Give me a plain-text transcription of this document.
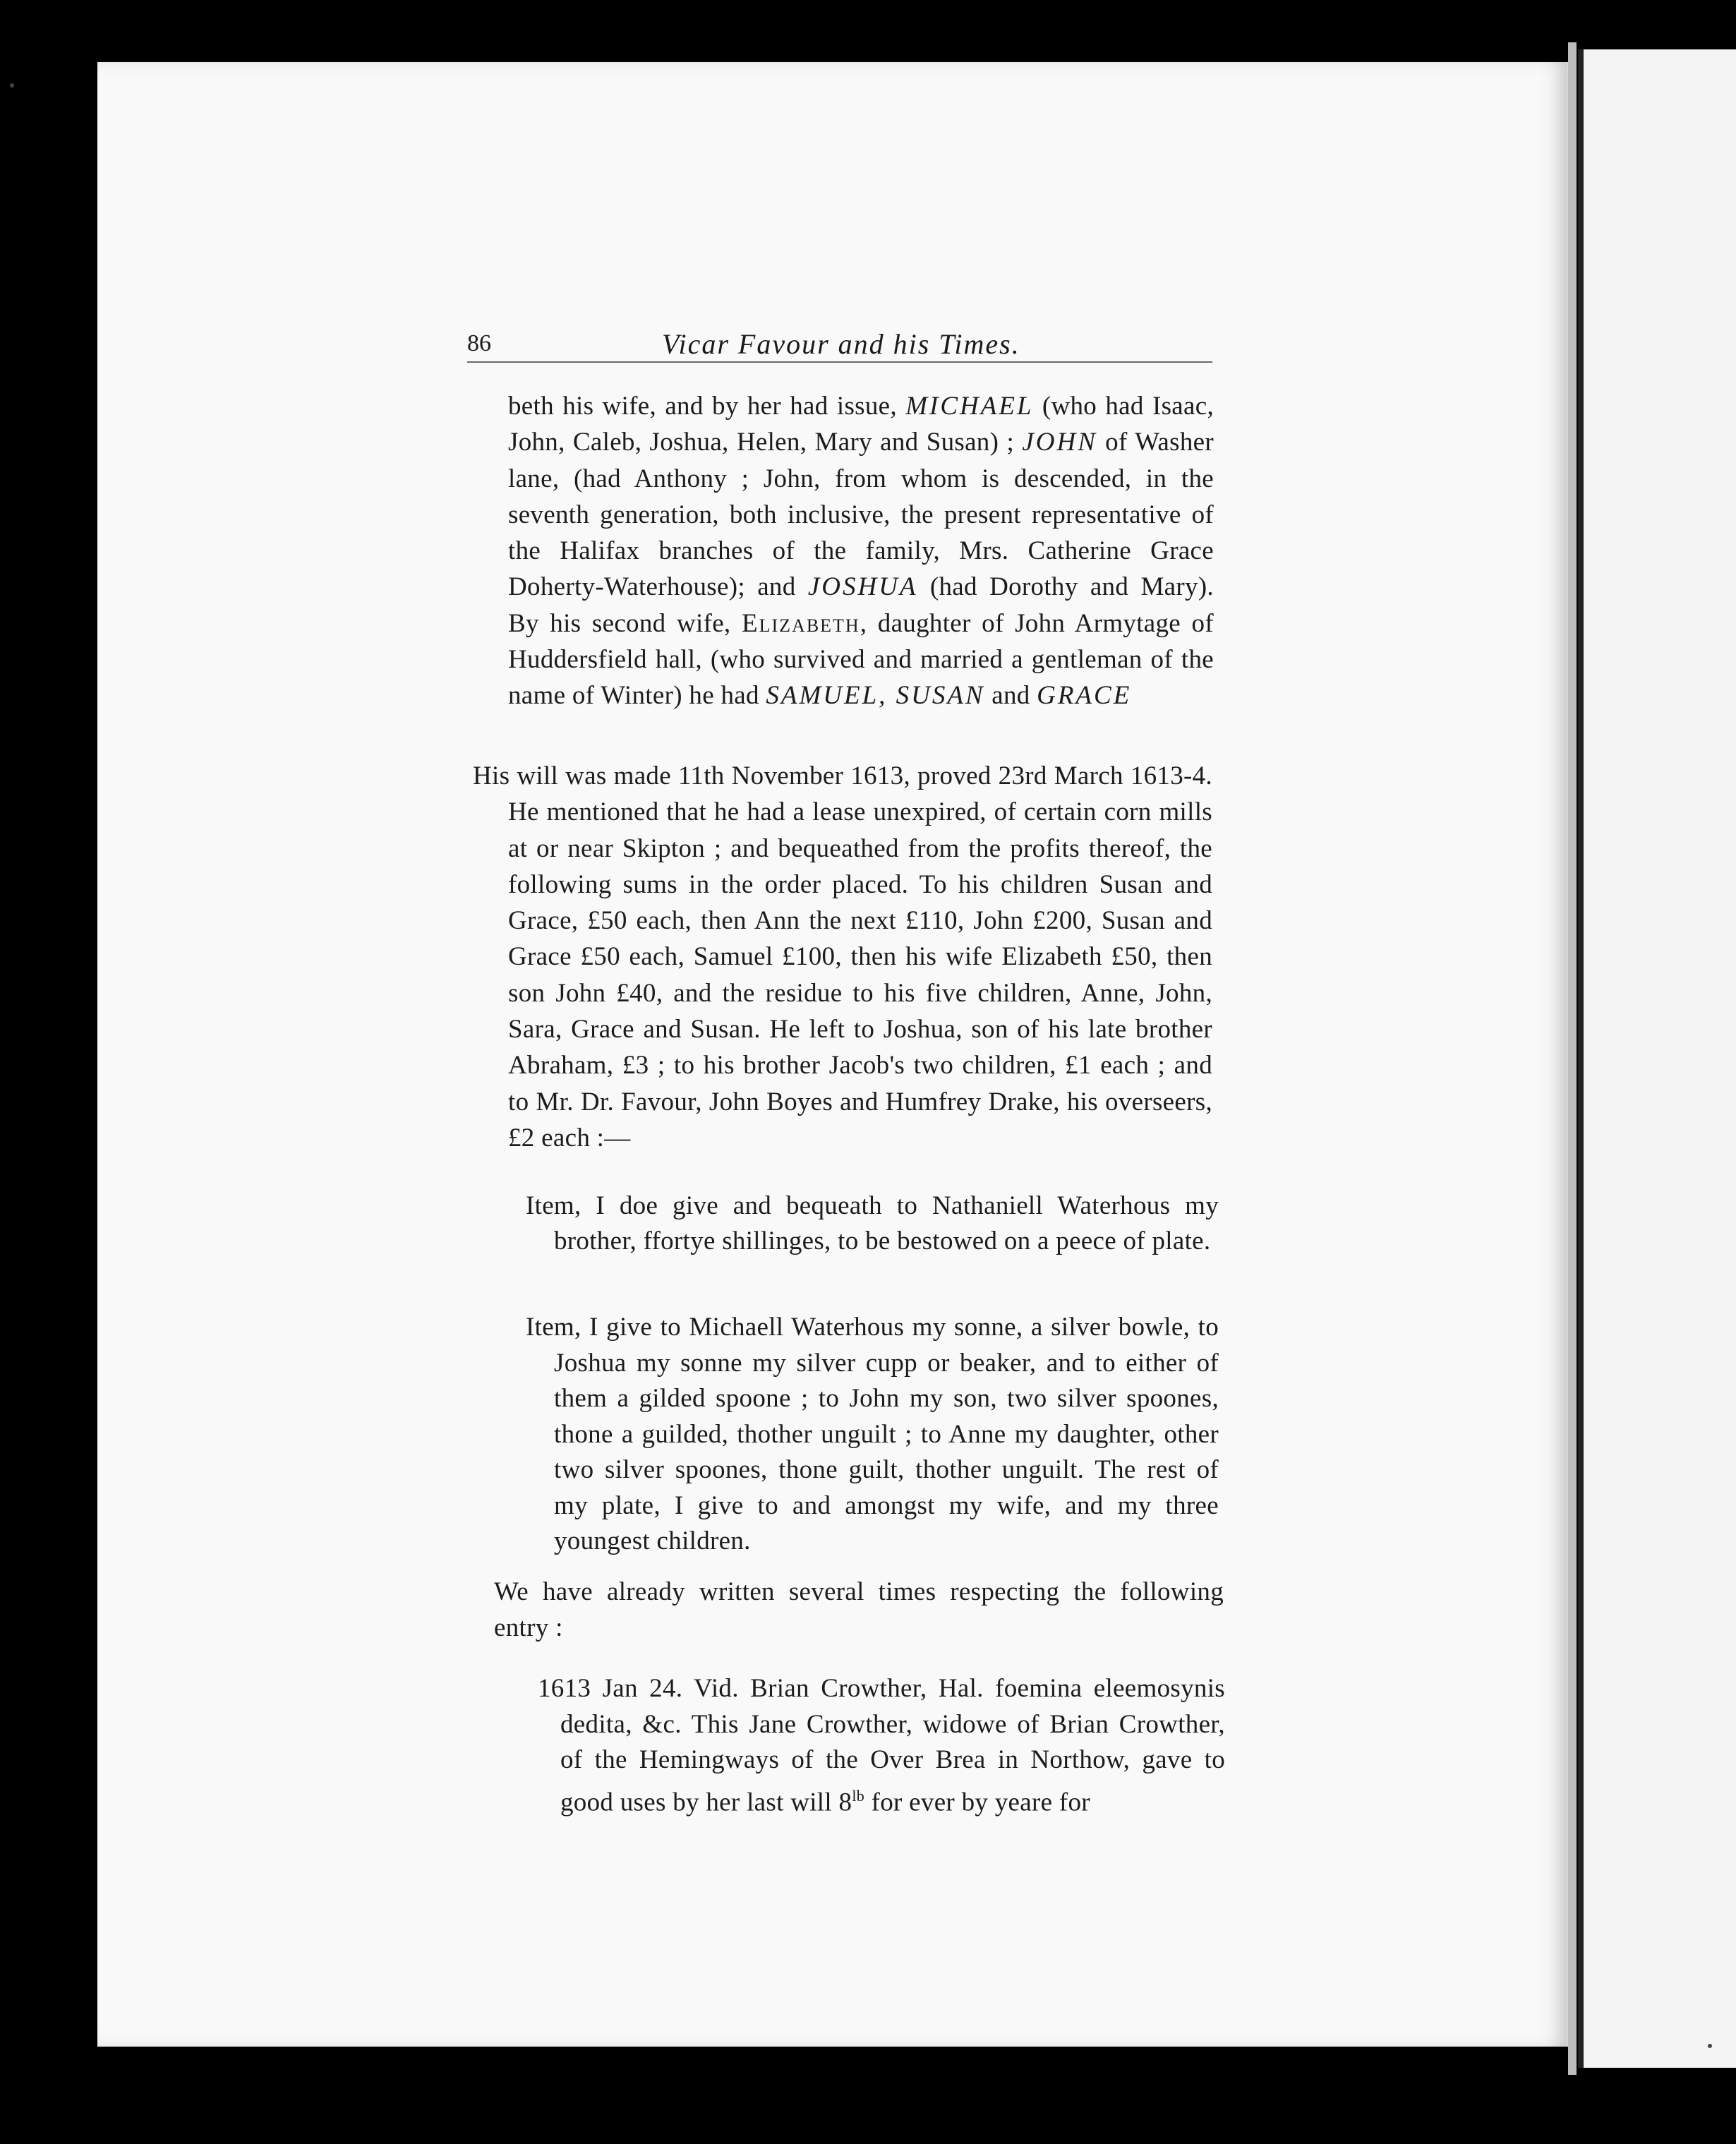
86	Vicar Favour and his Times.

beth his wife, and by her had issue, MICHAEL (who had Isaac, John, Caleb, Joshua, Helen, Mary and Susan) ; JOHN of Washer lane, (had Anthony ; John, from whom is descended, in the seventh generation, both inclusive, the present representative of the Halifax branches of the family, Mrs. Catherine Grace Doherty-Waterhouse); and JOSHUA (had Dorothy and Mary). By his second wife, Elizabeth, daughter of John Armytage of Huddersfield hall, (who survived and married a gentleman of the name of Winter) he had SAMUEL, SUSAN and GRACE

His will was made 11th November 1613, proved 23rd March 1613-4. He mentioned that he had a lease unexpired, of certain corn mills at or near Skipton ; and bequeathed from the profits thereof, the following sums in the order placed. To his children Susan and Grace, £50 each, then Ann the next £110, John £200, Susan and Grace £50 each, Samuel £100, then his wife Elizabeth £50, then son John £40, and the residue to his five children, Anne, John, Sara, Grace and Susan. He left to Joshua, son of his late brother Abraham, £3 ; to his brother Jacob's two children, £1 each ; and to Mr. Dr. Favour, John Boyes and Humfrey Drake, his overseers, £2 each :—

Item, I doe give and bequeath to Nathaniell Waterhous my brother, ffortye shillinges, to be bestowed on a peece of plate.

Item, I give to Michaell Waterhous my sonne, a silver bowle, to Joshua my sonne my silver cupp or beaker, and to either of them a gilded spoone ; to John my son, two silver spoones, thone a guilded, thother unguilt ; to Anne my daughter, other two silver spoones, thone guilt, thother unguilt. The rest of my plate, I give to and amongst my wife, and my three youngest children.

We have already written several times respecting the following entry :

1613 Jan 24. Vid. Brian Crowther, Hal. foemina eleemosynis dedita, &c. This Jane Crowther, widowe of Brian Crowther, of the Hemingways of the Over Brea in Northow, gave to good uses by her last will $8^{lb}$ for ever by yeare for
